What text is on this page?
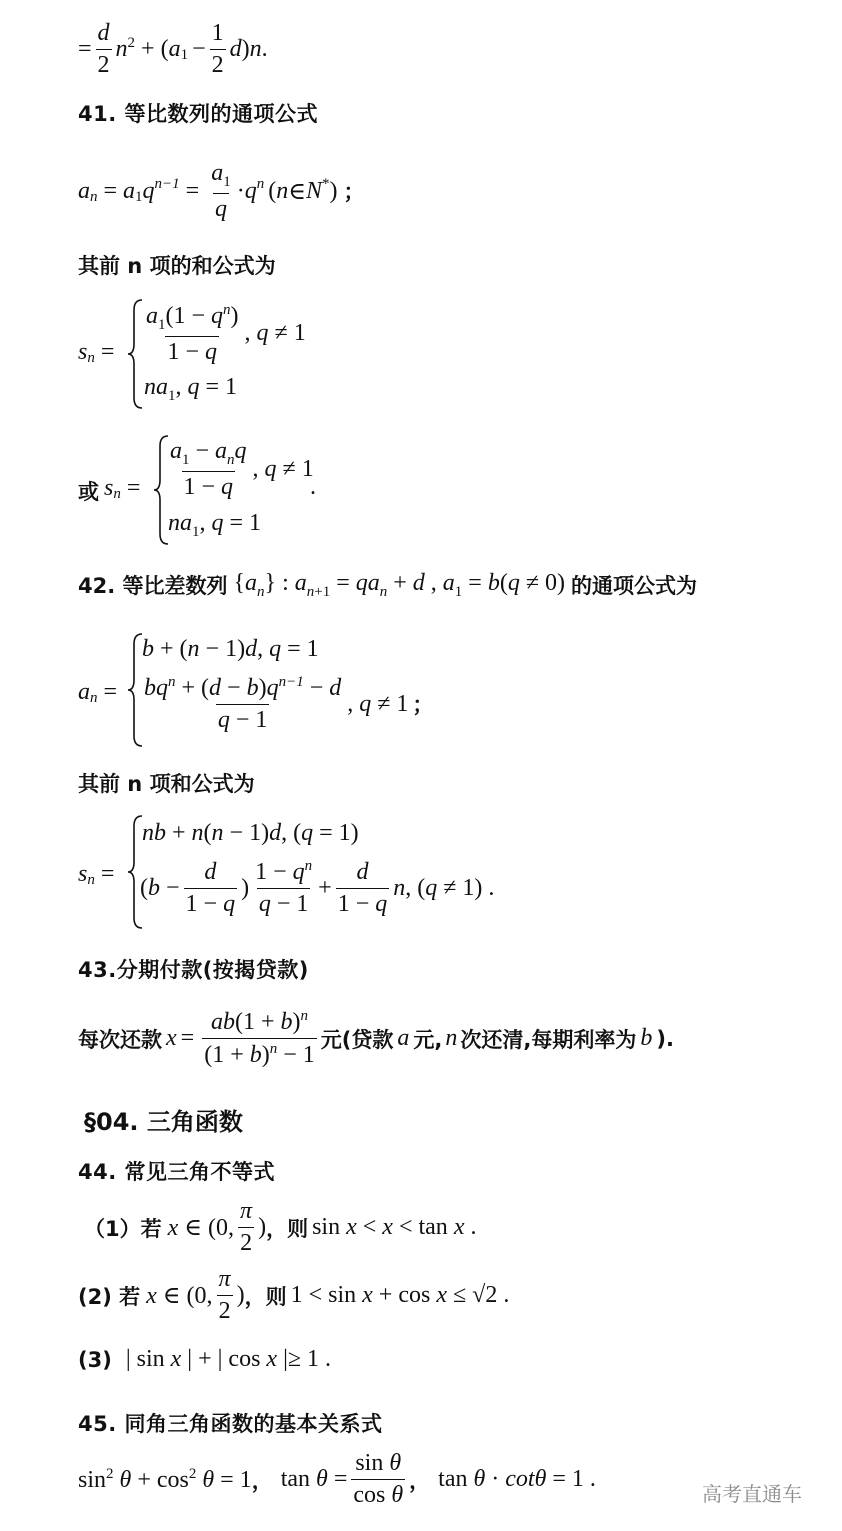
= $\frac{d}{2} n^2$ + ( $a_1 - \frac{1}{2}$ d ) n .
41. 等比数列的通项公式
$a_n = a_1$ $q^{n-1} = \frac{a_1}{q} \cdot q^n$ ( n ∈ N* ) ；
其前 n 项的和公式为
$s_n = \frac{a_1(1 - q^n)}{1 - q}$ , q ≠ 1
$na_1$, q = 1
或 $s_n = \frac{a_1 - a_nq}{1 - q}$ , q ≠ 1
$na_1$, q = 1
.
42. 等比差数列 $\{a_n\}$ : $a_{n+1} = qa_n + d$ , $a_1 = b(q \ne 0)$ 的通项公式为
$a_n$ =
b + (n − 1)d, q = 1
$\frac{bq^n + (d - b)q^{n-1} - d}{q - 1}$ , q ≠ 1 ；
其前 n 项和公式为
$s_n$ =
nb + n(n − 1)d, (q = 1)
($b - \frac{d}{1 - q}$ ) $\frac{1 - q^n}{q - 1} + \frac{d}{1 - q} n$, (q ≠ 1) .
43.分期付款(按揭贷款)
每次还款 $x = \frac{ab(1 + b)^n}{(1 + b)^n - 1}$ 元(贷款 a 元, n 次还清,每期利率为 b ).
§04. 三角函数
44. 常见三角不等式
（1）若 x ∈ (0, $\frac{\pi}{2}$ ) ，则 sin x < x < tan x .
(2) 若 x ∈ (0, $\frac{\pi}{2}$ ) ，则 1 < sin x + cos x ≤ √2 .
(3) | sin x | + | cos x |≥ 1 .
45. 同角三角函数的基本关系式
$\sin^2 \theta + \cos^2 \theta = 1$ ， $\tan \theta = \frac{\text{sin θ}}{\text{cos θ}}$ ， tan θ · cotθ = 1 .
高考直通车
